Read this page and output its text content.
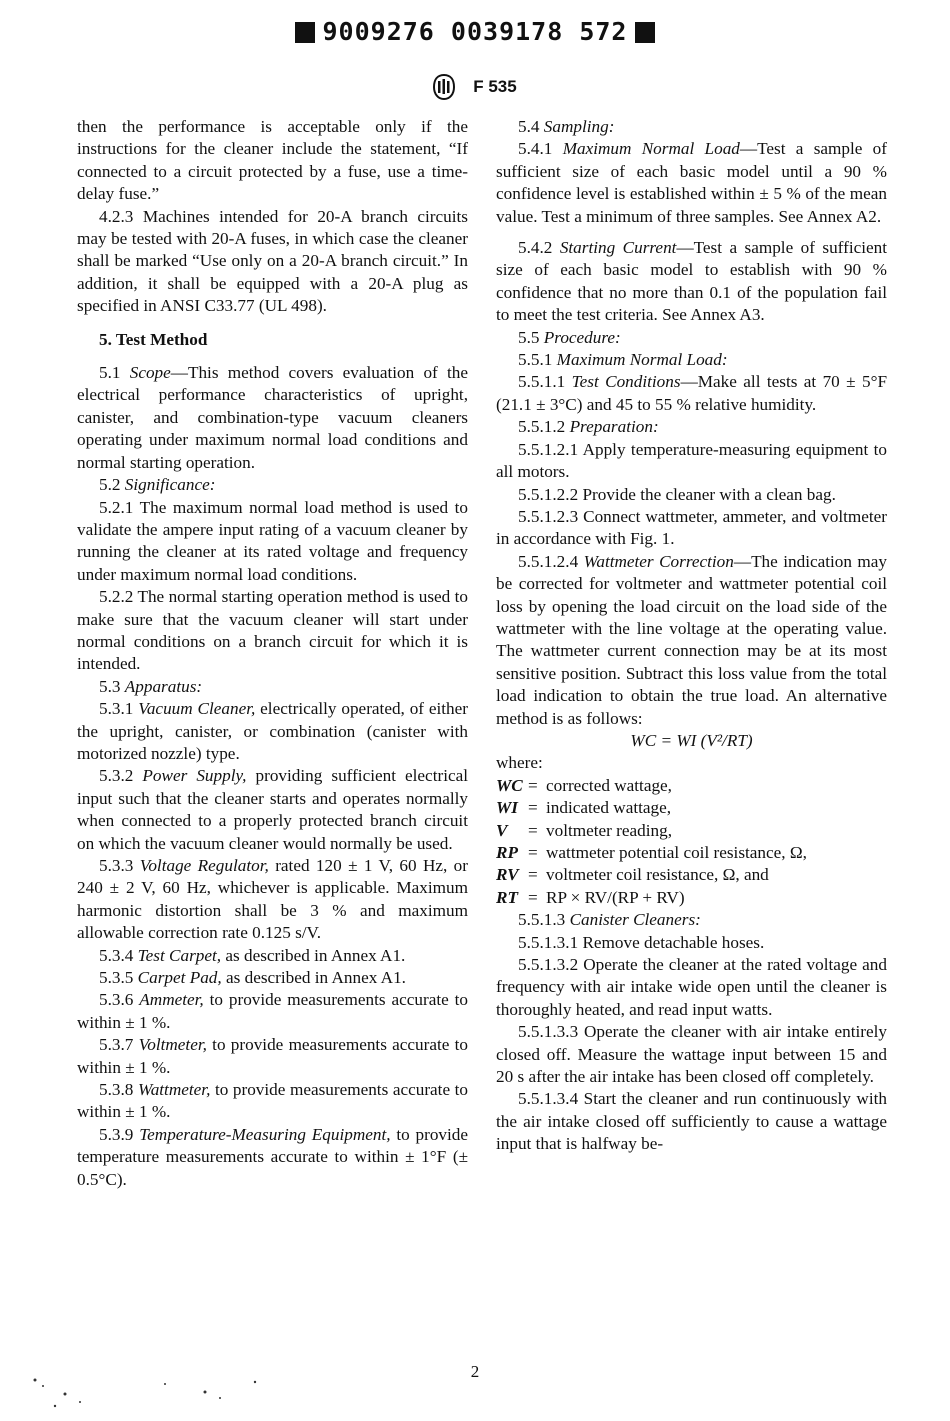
9009276 0039178 572
F 535

then the performance is acceptable only if the instructions for the cleaner include the statement, “If connected to a circuit protected by a fuse, use a time-delay fuse.”

4.2.3 Machines intended for 20-A branch circuits may be tested with 20-A fuses, in which case the cleaner shall be marked “Use only on a 20-A branch circuit.” In addition, it shall be equipped with a 20-A plug as specified in ANSI C33.77 (UL 498).

5. Test Method

5.1 Scope—This method covers evaluation of the electrical performance characteristics of upright, canister, and combination-type vacuum cleaners operating under maximum normal load conditions and normal starting operation.

5.2 Significance:

5.2.1 The maximum normal load method is used to validate the ampere input rating of a vacuum cleaner by running the cleaner at its rated voltage and frequency under maximum normal load conditions.

5.2.2 The normal starting operation method is used to make sure that the vacuum cleaner will start under normal conditions on a branch circuit for which it is intended.

5.3 Apparatus:

5.3.1 Vacuum Cleaner, electrically operated, of either the upright, canister, or combination (canister with motorized nozzle) type.

5.3.2 Power Supply, providing sufficient electrical input such that the cleaner starts and operates normally when connected to a properly protected branch circuit on which the vacuum cleaner would normally be used.

5.3.3 Voltage Regulator, rated 120 ± 1 V, 60 Hz, or 240 ± 2 V, 60 Hz, whichever is applicable. Maximum harmonic distortion shall be 3 % and maximum allowable correction rate 0.125 s/V.

5.3.4 Test Carpet, as described in Annex A1.

5.3.5 Carpet Pad, as described in Annex A1.

5.3.6 Ammeter, to provide measurements accurate to within ± 1 %.

5.3.7 Voltmeter, to provide measurements accurate to within ± 1 %.

5.3.8 Wattmeter, to provide measurements accurate to within ± 1 %.

5.3.9 Temperature-Measuring Equipment, to provide temperature measurements accurate to within ± 1°F (± 0.5°C).

5.4 Sampling:

5.4.1 Maximum Normal Load—Test a sample of sufficient size of each basic model until a 90 % confidence level is established within ± 5 % of the mean value. Test a minimum of three samples. See Annex A2.

5.4.2 Starting Current—Test a sample of sufficient size of each basic model to establish with 90 % confidence that no more than 0.1 of the population fail to meet the test criteria. See Annex A3.

5.5 Procedure:

5.5.1 Maximum Normal Load:

5.5.1.1 Test Conditions—Make all tests at 70 ± 5°F (21.1 ± 3°C) and 45 to 55 % relative humidity.

5.5.1.2 Preparation:

5.5.1.2.1 Apply temperature-measuring equipment to all motors.

5.5.1.2.2 Provide the cleaner with a clean bag.

5.5.1.2.3 Connect wattmeter, ammeter, and voltmeter in accordance with Fig. 1.

5.5.1.2.4 Wattmeter Correction—The indication may be corrected for voltmeter and wattmeter potential coil loss by opening the load circuit on the load side of the wattmeter with the line voltage at the operating value. The wattmeter current connection may be at its most sensitive position. Subtract this loss value from the total load indication to obtain the true load. An alternative method is as follows:

WC = WI (V²/RT)

where:

WC = corrected wattage,
WI = indicated wattage,
V	= voltmeter reading,
RP = wattmeter potential coil resistance, Ω,
RV = voltmeter coil resistance, Ω, and
RT = RP × RV/(RP + RV)

5.5.1.3 Canister Cleaners:

5.5.1.3.1 Remove detachable hoses.

5.5.1.3.2 Operate the cleaner at the rated voltage and frequency with air intake wide open until the cleaner is thoroughly heated, and read input watts.

5.5.1.3.3 Operate the cleaner with air intake entirely closed off. Measure the wattage input between 15 and 20 s after the air intake has been closed off completely.

5.5.1.3.4 Start the cleaner and run continuously with the air intake closed off sufficiently to cause a wattage input that is halfway be-

2
